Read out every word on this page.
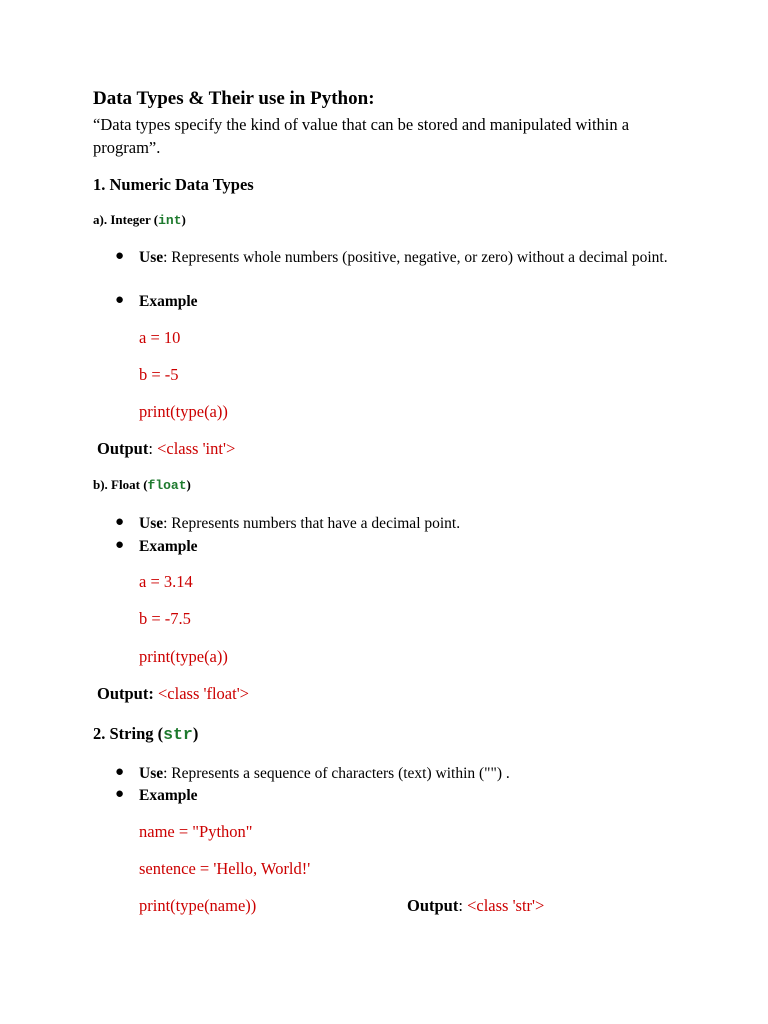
Data Types & Their use in Python:
“Data types specify the kind of value that can be stored and manipulated within a program”.
1. Numeric Data Types
a). Integer (int)
● Use: Represents whole numbers (positive, negative, or zero) without a decimal point.
● Example
a = 10
b = -5
print(type(a))
Output: <class 'int'>
b). Float (float)
● Use: Represents numbers that have a decimal point.
● Example
a = 3.14
b = -7.5
print(type(a))
Output: <class 'float'>
2. String (str)
● Use: Represents a sequence of characters (text) within ("") .
● Example
name = "Python"
sentence = 'Hello, World!'
print(type(name))	Output: <class 'str'>
